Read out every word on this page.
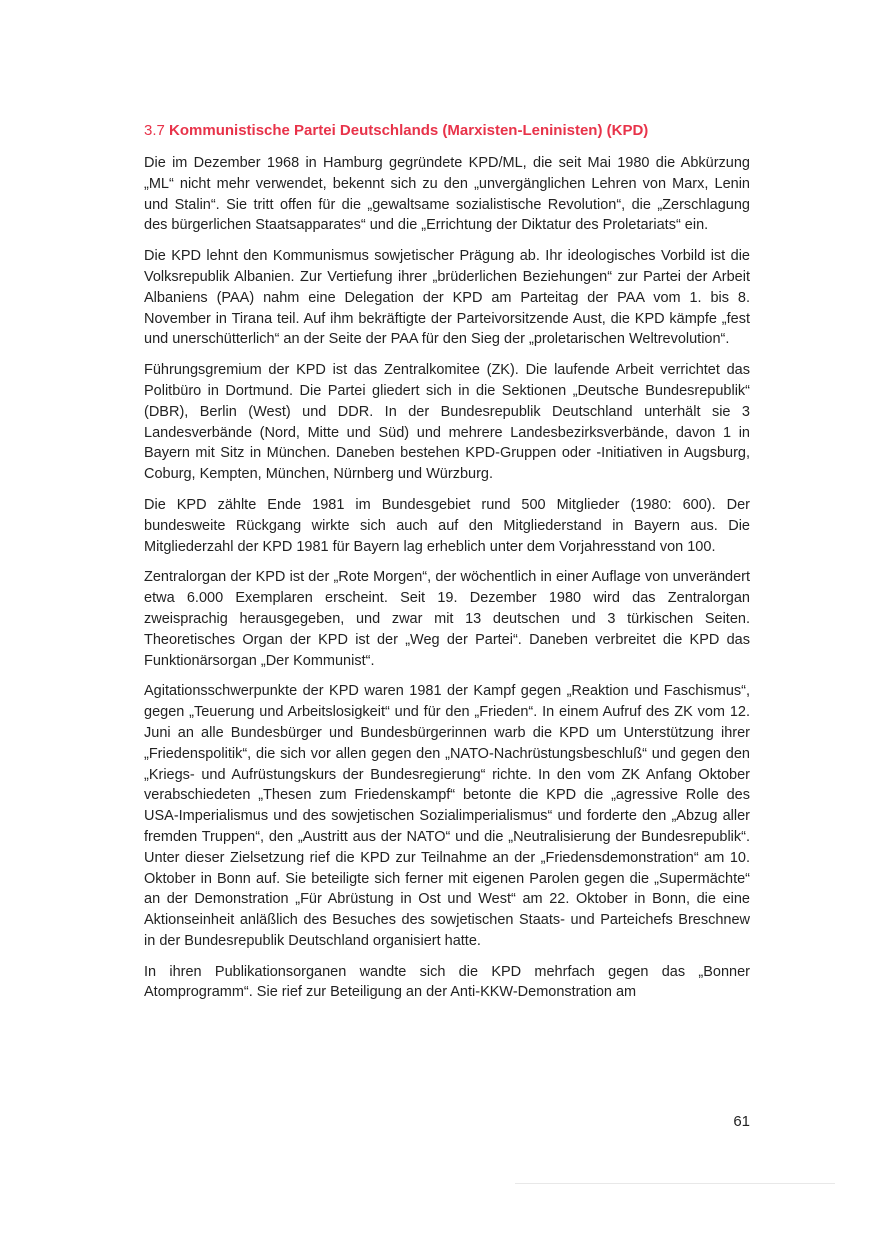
3.7 Kommunistische Partei Deutschlands (Marxisten-Leninisten) (KPD)

Die im Dezember 1968 in Hamburg gegründete KPD/ML, die seit Mai 1980 die Abkürzung „ML“ nicht mehr verwendet, bekennt sich zu den „unvergänglichen Lehren von Marx, Lenin und Stalin“. Sie tritt offen für die „gewaltsame sozialistische Revolution“, die „Zerschlagung des bürgerlichen Staatsapparates“ und die „Errichtung der Diktatur des Proletariats“ ein.

Die KPD lehnt den Kommunismus sowjetischer Prägung ab. Ihr ideologisches Vorbild ist die Volksrepublik Albanien. Zur Vertiefung ihrer „brüderlichen Beziehungen“ zur Partei der Arbeit Albaniens (PAA) nahm eine Delegation der KPD am Parteitag der PAA vom 1. bis 8. November in Tirana teil. Auf ihm bekräftigte der Parteivorsitzende Aust, die KPD kämpfe „fest und unerschütterlich“ an der Seite der PAA für den Sieg der „proletarischen Weltrevolution“.

Führungsgremium der KPD ist das Zentralkomitee (ZK). Die laufende Arbeit verrichtet das Politbüro in Dortmund. Die Partei gliedert sich in die Sektionen „Deutsche Bundesrepublik“ (DBR), Berlin (West) und DDR. In der Bundesrepublik Deutschland unterhält sie 3 Landesverbände (Nord, Mitte und Süd) und mehrere Landesbezirksverbände, davon 1 in Bayern mit Sitz in München. Daneben bestehen KPD-Gruppen oder -Initiativen in Augsburg, Coburg, Kempten, München, Nürnberg und Würzburg.

Die KPD zählte Ende 1981 im Bundesgebiet rund 500 Mitglieder (1980: 600). Der bundesweite Rückgang wirkte sich auch auf den Mitgliederstand in Bayern aus. Die Mitgliederzahl der KPD 1981 für Bayern lag erheblich unter dem Vorjahresstand von 100.

Zentralorgan der KPD ist der „Rote Morgen“, der wöchentlich in einer Auflage von unverändert etwa 6.000 Exemplaren erscheint. Seit 19. Dezember 1980 wird das Zentralorgan zweisprachig herausgegeben, und zwar mit 13 deutschen und 3 türkischen Seiten. Theoretisches Organ der KPD ist der „Weg der Partei“. Daneben verbreitet die KPD das Funktionärsorgan „Der Kommunist“.

Agitationsschwerpunkte der KPD waren 1981 der Kampf gegen „Reaktion und Faschismus“, gegen „Teuerung und Arbeitslosigkeit“ und für den „Frieden“. In einem Aufruf des ZK vom 12. Juni an alle Bundesbürger und Bundesbürgerinnen warb die KPD um Unterstützung ihrer „Friedenspolitik“, die sich vor allen gegen den „NATO-Nachrüstungsbeschluß“ und gegen den „Kriegs- und Aufrüstungskurs der Bundesregierung“ richte. In den vom ZK Anfang Oktober verabschiedeten „Thesen zum Friedenskampf“ betonte die KPD die „agressive Rolle des USA-Imperialismus und des sowjetischen Sozialimperialismus“ und forderte den „Abzug aller fremden Truppen“, den „Austritt aus der NATO“ und die „Neutralisierung der Bundesrepublik“. Unter dieser Zielsetzung rief die KPD zur Teilnahme an der „Friedensdemonstration“ am 10. Oktober in Bonn auf. Sie beteiligte sich ferner mit eigenen Parolen gegen die „Supermächte“ an der Demonstration „Für Abrüstung in Ost und West“ am 22. Oktober in Bonn, die eine Aktionseinheit anläßlich des Besuches des sowjetischen Staats- und Parteichefs Breschnew in der Bundesrepublik Deutschland organisiert hatte.

In ihren Publikationsorganen wandte sich die KPD mehrfach gegen das „Bonner Atomprogramm“. Sie rief zur Beteiligung an der Anti-KKW-Demonstration am

61
